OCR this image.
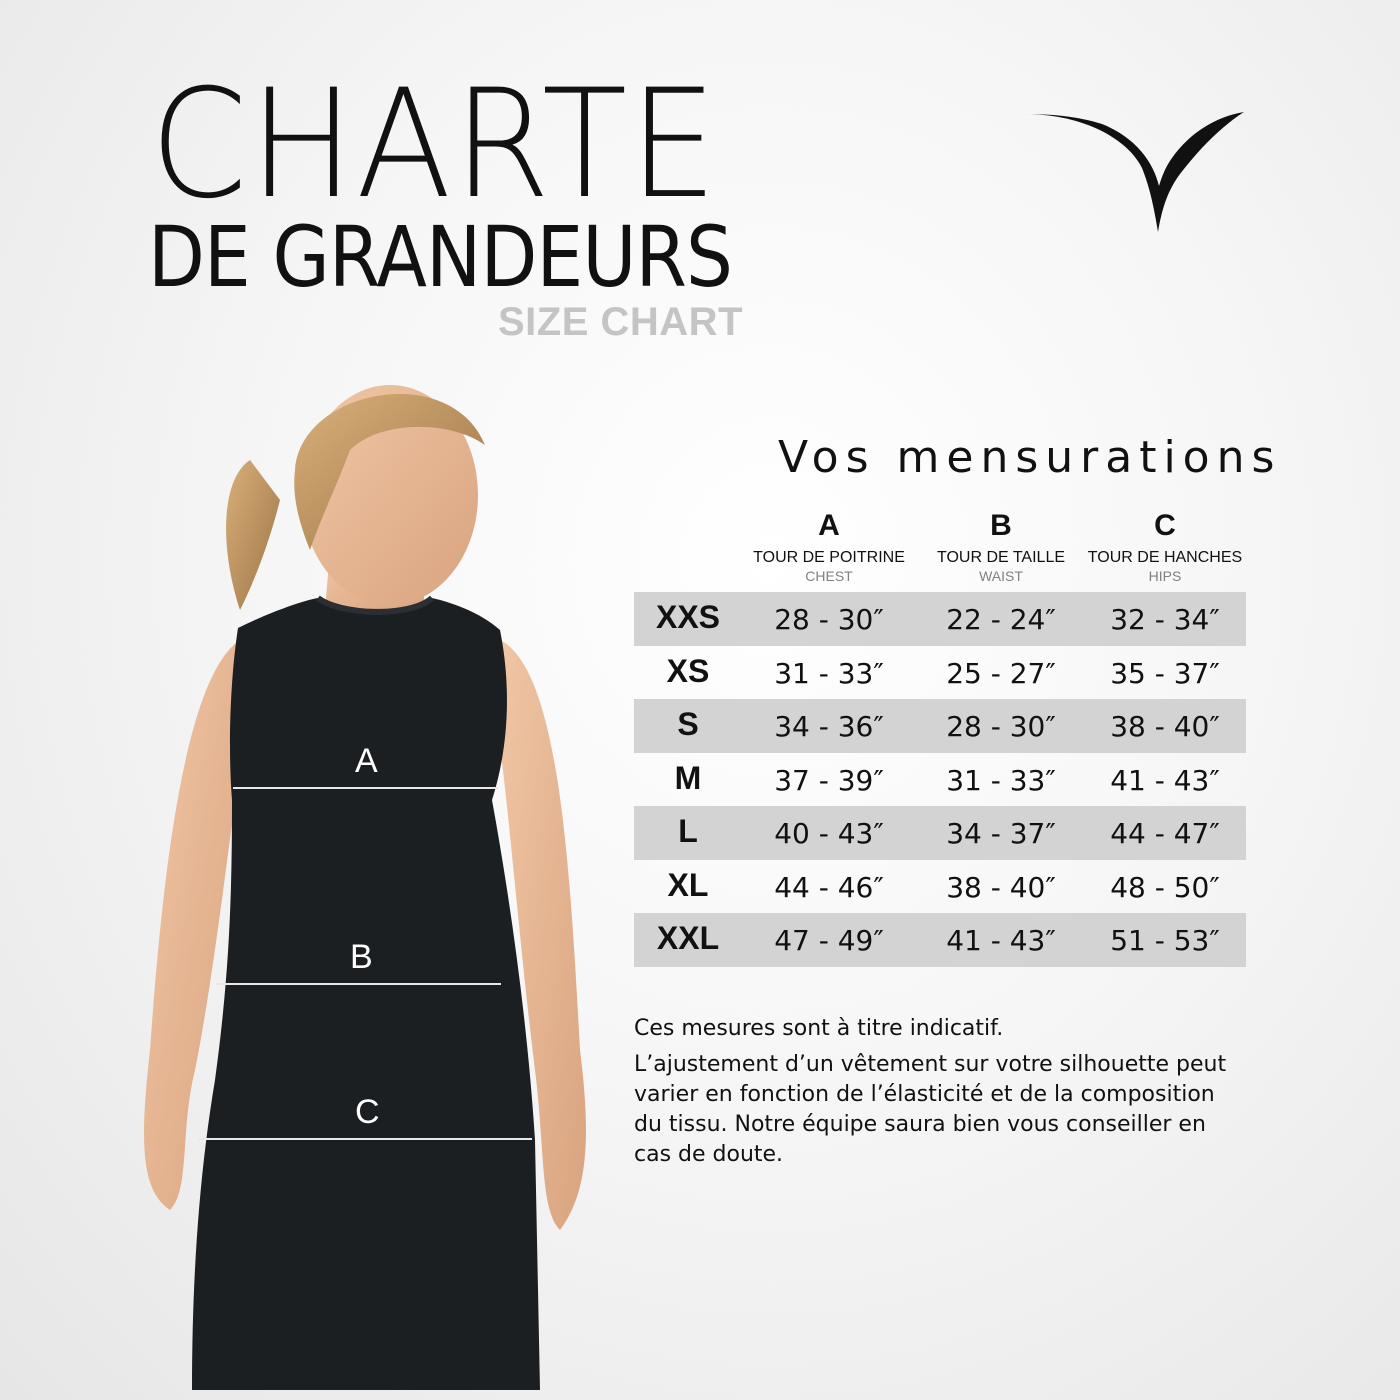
CHARTE
DE GRANDEURS
SIZE CHART
A
B
C
Vos mensurations
A
TOUR DE POITRINE
CHEST
B
TOUR DE TAILLE
WAIST
C
TOUR DE HANCHES
HIPS
XXS	28 - 30″	22 - 24″	32 - 34″
XS	31 - 33″	25 - 27″	35 - 37″
S	34 - 36″	28 - 30″	38 - 40″
M	37 - 39″	31 - 33″	41 - 43″
L	40 - 43″	34 - 37″	44 - 47″
XL	44 - 46″	38 - 40″	48 - 50″
XXL	47 - 49″	41 - 43″	51 - 53″
Ces mesures sont à titre indicatif.
L’ajustement d’un vêtement sur votre silhouette peut varier en fonction de l’élasticité et de la composition du tissu. Notre équipe saura bien vous conseiller en cas de doute.
